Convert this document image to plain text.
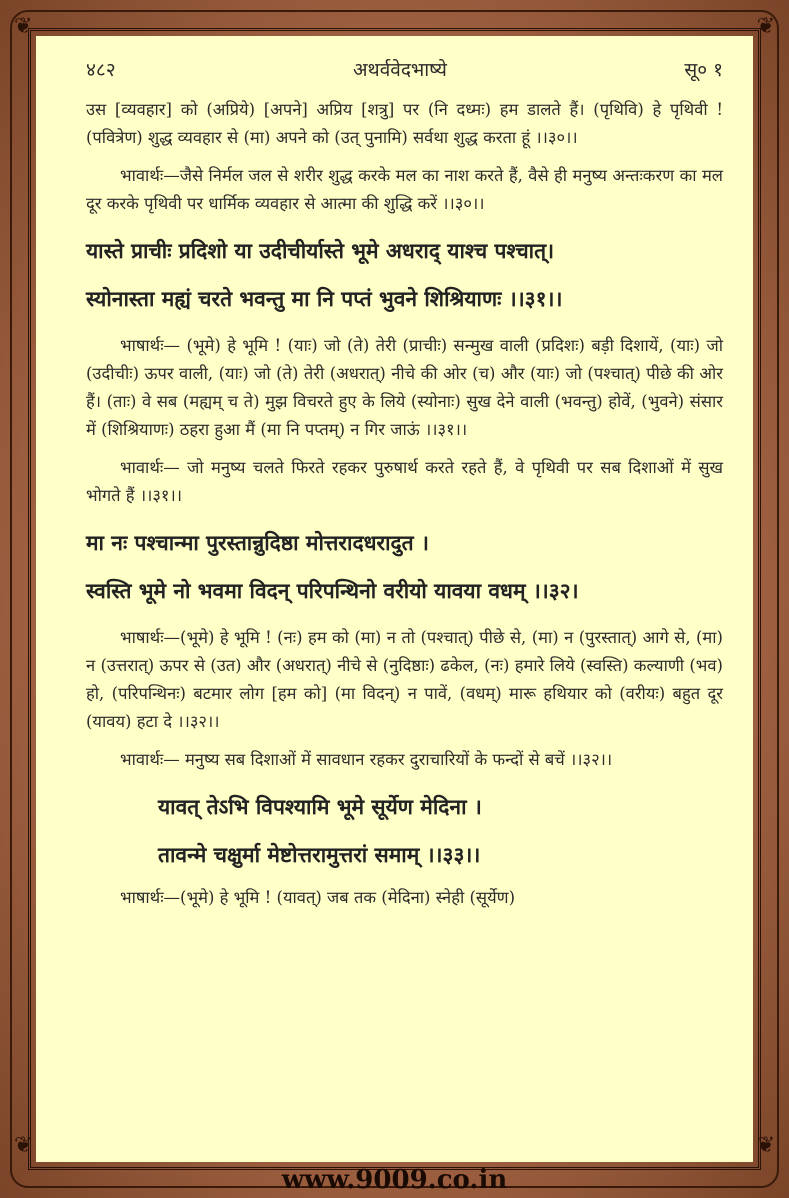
❦	❦
❦	❦
४८२	अथर्ववेदभाष्ये	सू० १

उस [व्यवहार] को (अप्रिये) [अपने] अप्रिय [शत्रु] पर (नि दध्मः) हम डालते हैं। (पृथिवि) हे पृथिवी ! (पवित्रेण) शुद्ध व्यवहार से (मा) अपने को (उत् पुनामि) सर्वथा शुद्ध करता हूं ।।३०।।

भावार्थः—जैसे निर्मल जल से शरीर शुद्ध करके मल का नाश करते हैं, वैसे ही मनुष्य अन्तःकरण का मल दूर करके पृथिवी पर धार्मिक व्यवहार से आत्मा की शुद्धि करें ।।३०।।

यास्ते प्राचीः प्रदिशो या उदीचीर्यास्ते भूमे अधराद् याश्च पश्चात्।
स्योनास्ता मह्यं चरते भवन्तु मा नि पप्तं भुवने शिश्रियाणः ।।३१।।

भाषार्थः— (भूमे) हे भूमि ! (याः) जो (ते) तेरी (प्राचीः) सन्मुख वाली (प्रदिशः) बड़ी दिशायें, (याः) जो (उदीचीः) ऊपर वाली, (याः) जो (ते) तेरी (अधरात्) नीचे की ओर (च) और (याः) जो (पश्चात्) पीछे की ओर हैं। (ताः) वे सब (मह्यम् च ते) मुझ विचरते हुए के लिये (स्योनाः) सुख देने वाली (भवन्तु) होवें, (भुवने) संसार में (शिश्रियाणः) ठहरा हुआ मैं (मा नि पप्तम्) न गिर जाऊं ।।३१।।

भावार्थः— जो मनुष्य चलते फिरते रहकर पुरुषार्थ करते रहते हैं, वे पृथिवी पर सब दिशाओं में सुख भोगते हैं ।।३१।।

मा नः पश्चान्मा पुरस्तान्नुदिष्ठा मोत्तरादधरादुत ।
स्वस्ति भूमे नो भवमा विदन् परिपन्थिनो वरीयो यावया वधम् ।।३२।

भाषार्थः—(भूमे) हे भूमि ! (नः) हम को (मा) न तो (पश्चात्) पीछे से, (मा) न (पुरस्तात्) आगे से, (मा) न (उत्तरात्) ऊपर से (उत) और (अधरात्) नीचे से (नुदिष्ठाः) ढकेल, (नः) हमारे लिये (स्वस्ति) कल्याणी (भव) हो, (परिपन्थिनः) बटमार लोग [हम को] (मा विदन्) न पावें, (वधम्) मारू हथियार को (वरीयः) बहुत दूर (यावय) हटा दे ।।३२।।

भावार्थः— मनुष्य सब दिशाओं में सावधान रहकर दुराचारियों के फन्दों से बचें ।।३२।।

यावत् तेऽभि विपश्यामि भूमे सूर्येण मेदिना ।
तावन्मे चक्षुर्मा मेष्टोत्तरामुत्तरां समाम् ।।३३।।

भाषार्थः—(भूमे) हे भूमि ! (यावत्) जब तक (मेदिना) स्नेही (सूर्येण)

www.9009.co.in
